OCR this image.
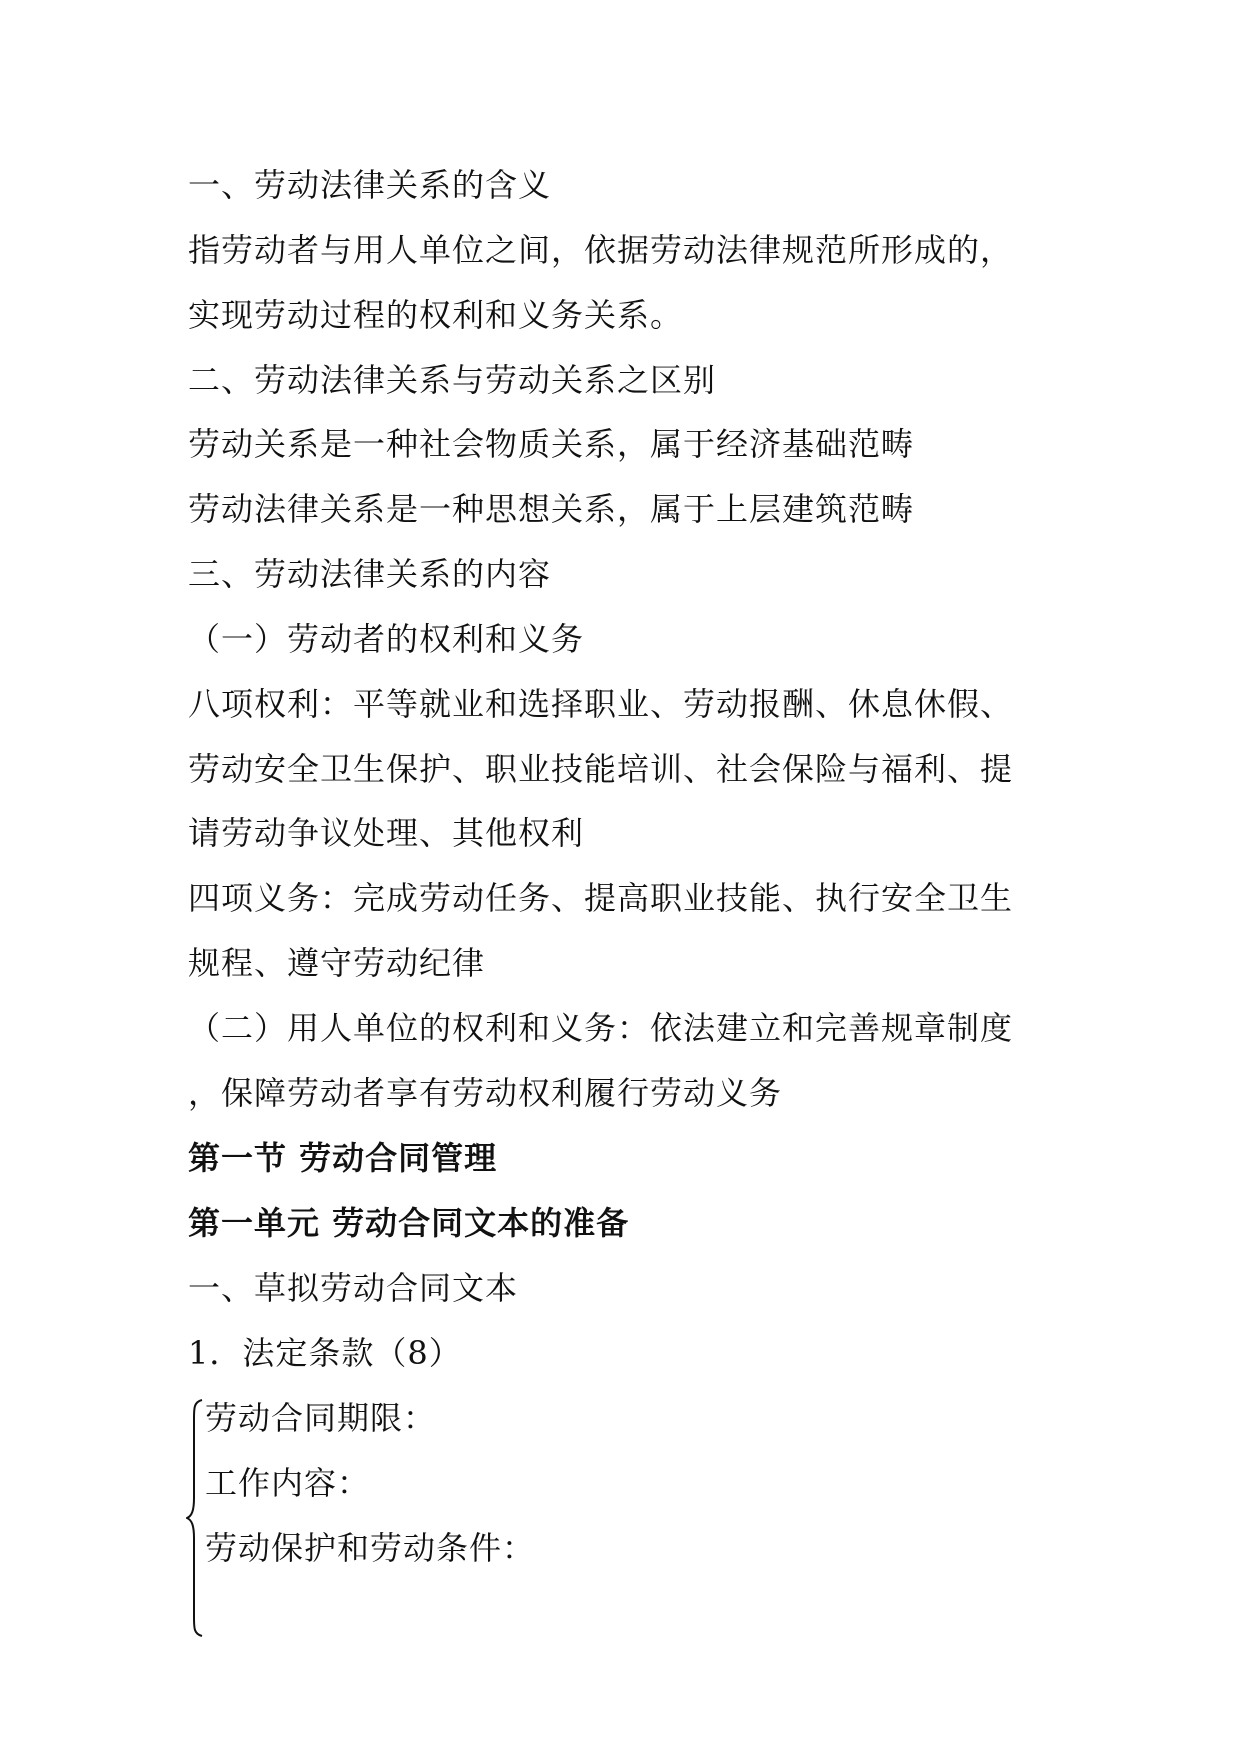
一、劳动法律关系的含义
指劳动者与用人单位之间，依据劳动法律规范所形成的，
实现劳动过程的权利和义务关系。
二、劳动法律关系与劳动关系之区别
劳动关系是一种社会物质关系，属于经济基础范畴
劳动法律关系是一种思想关系，属于上层建筑范畴
三、劳动法律关系的内容
（一）劳动者的权利和义务
八项权利：平等就业和选择职业、劳动报酬、休息休假、
劳动安全卫生保护、职业技能培训、社会保险与福利、提
请劳动争议处理、其他权利
四项义务：完成劳动任务、提高职业技能、执行安全卫生
规程、遵守劳动纪律
（二）用人单位的权利和义务：依法建立和完善规章制度
，保障劳动者享有劳动权利履行劳动义务
第一节 劳动合同管理
第一单元 劳动合同文本的准备
一、草拟劳动合同文本
1．法定条款（8）
劳动合同期限：
工作内容：
劳动保护和劳动条件：
